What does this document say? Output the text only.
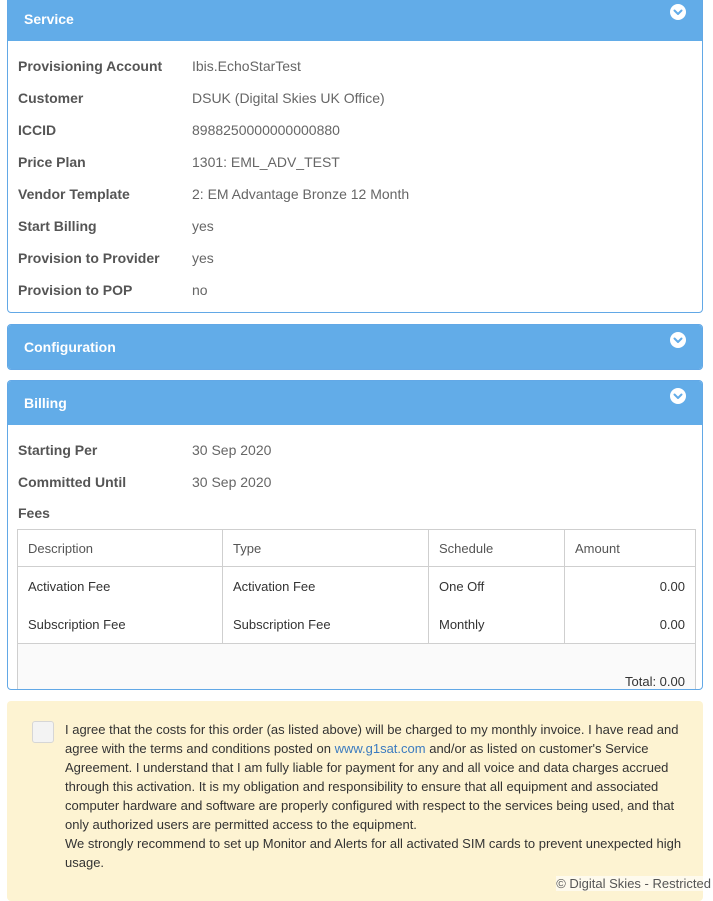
Service
Provisioning Account	Ibis.EchoStarTest
Customer	DSUK (Digital Skies UK Office)
ICCID	8988250000000000880
Price Plan	1301: EML_ADV_TEST
Vendor Template	2: EM Advantage Bronze 12 Month
Start Billing	yes
Provision to Provider	yes
Provision to POP	no
Configuration
Billing
Starting Per	30 Sep 2020
Committed Until	30 Sep 2020
Fees
Description	Type	Schedule	Amount
Activation Fee	Activation Fee	One Off	0.00
Subscription Fee	Subscription Fee	Monthly	0.00
Total: 0.00			
I agree that the costs for this order (as listed above) will be charged to my monthly invoice. I have read and agree with the terms and conditions posted on www.g1sat.com and/or as listed on customer's Service Agreement. I understand that I am fully liable for payment for any and all voice and data charges accrued through this activation. It is my obligation and responsibility to ensure that all equipment and associated computer hardware and software are properly configured with respect to the services being used, and that only authorized users are permitted access to the equipment.
We strongly recommend to set up Monitor and Alerts for all activated SIM cards to prevent unexpected high usage.
© Digital Skies - Restricted
